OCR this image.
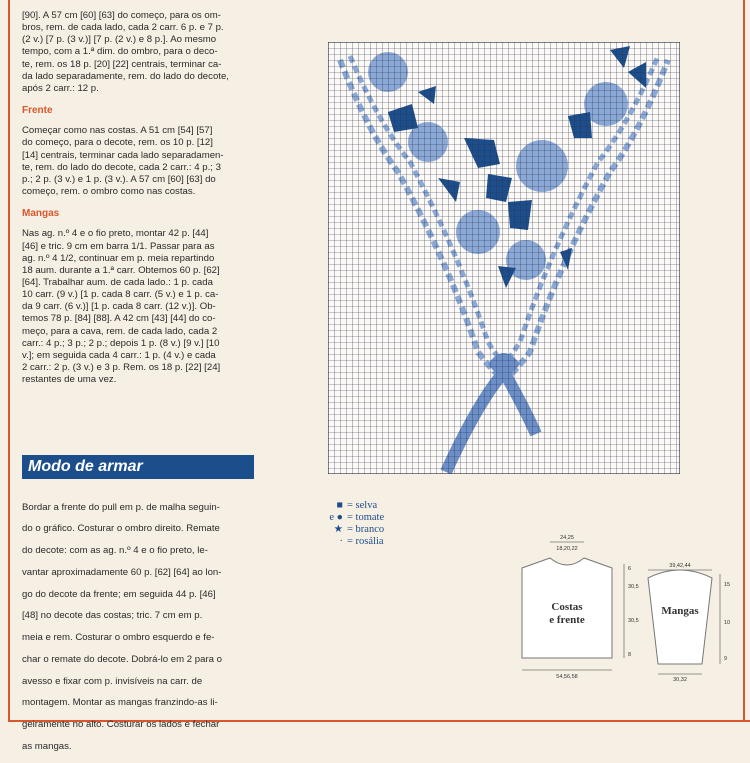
[90]. A 57 cm [60] [63] do começo, para os om-

bros, rem. de cada lado, cada 2 carr. 6 p. e 7 p.

(2 v.) [7 p. (3 v.)] [7 p. (2 v.) e 8 p.]. Ao mesmo

tempo, com a 1.ª dim. do ombro, para o deco-

te, rem. os 18 p. [20] [22] centrais, terminar ca-

da lado separadamente, rem. do lado do decote,

após 2 carr.: 12 p.

Frente

Começar como nas costas. A 51 cm [54] [57]

do começo, para o decote, rem. os 10 p. [12]

[14] centrais, terminar cada lado separadamen-

te, rem. do lado do decote, cada 2 carr.: 4 p.; 3

p.; 2 p. (3 v.) e 1 p. (3 v.). A 57 cm [60] [63] do

começo, rem. o ombro como nas costas.

Mangas

Nas ag. n.º 4 e o fio preto, montar 42 p. [44]

[46] e tric. 9 cm em barra 1/1. Passar para as

ag. n.º 4 1/2, continuar em p. meia repartindo

18 aum. durante a 1.ª carr. Obtemos 60 p. [62]

[64]. Trabalhar aum. de cada lado.: 1 p. cada

10 carr. (9 v.) [1 p. cada 8 carr. (5 v.) e 1 p. ca-

da 9 carr. (6 v.)] [1 p. cada 8 carr. (12 v.)]. Ob-

temos 78 p. [84] [88]. A 42 cm [43] [44] do co-

meço, para a cava, rem. de cada lado, cada 2

carr.: 4 p.; 3 p.; 2 p.; depois 1 p. (8 v.) [9 v.] [10

v.]; em seguida cada 4 carr.: 1 p. (4 v.) e cada

2 carr.: 2 p. (3 v.) e 3 p. Rem. os 18 p. [22] [24]

restantes de uma vez.

Modo de armar

Bordar a frente do pull em p. de malha seguin-

do o gráfico. Costurar o ombro direito. Remate

do decote: com as ag. n.º 4 e o fio preto, le-

vantar aproximadamente 60 p. [62] [64] ao lon-

go do decote da frente; em seguida 44 p. [46]

[48] no decote das costas; tric. 7 cm em p.

meia e rem. Costurar o ombro esquerdo e fe-

char o remate do decote. Dobrá-lo em 2 para o

avesso e fixar com p. invisíveis na carr. de

montagem. Montar as mangas franzindo-as li-

geiramente no alto. Costurar os lados e fechar

as mangas.

■ = selva
e ● = tomate
★ = branco
· = rosália
Costas
e frente
24,25
18,20,22
54,56,58
6
30,5
30,5
8
Mangas
39,42,44
30,32
15
10
9
